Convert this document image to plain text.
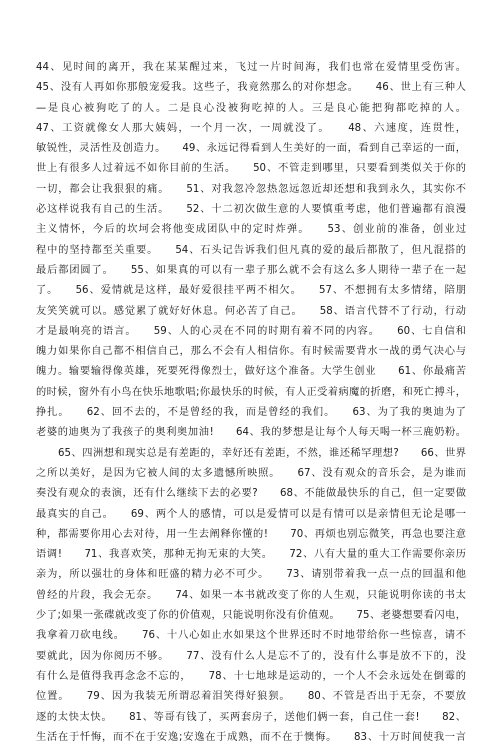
44、见时间的离开，我在某某醒过来，飞过一片时间海，我们也常在爱情里受伤害。
45、没有人再如你那般宠爱我。这些子，我竟然那么的对你想念。　　46、世上有三种人
—是良心被狗吃了的人。二是良心没被狗吃掉的人。三是良心能把狗都吃掉的人。
47、工资就像女人那大姨妈，一个月一次，一周就没了。　　48、六速度，连贯性，
敏锐性，灵活性及创造力。　　49、永远记得看到人生美好的一面，看到自己幸运的一面，
世上有很多人过着远不如你目前的生活。　　50、不管走到哪里，只要看到类似关于你的
一切，都会让我狠狠的痛。　　51、对我忽冷忽热忽远忽近却还想和我到永久，其实你不
必这样说我有自己的生活。　　52、十二初次做生意的人要慎重考虑，他们普遍都有浪漫
主义情怀，今后的坎坷会将他变成团队中的定时炸弹。　　53、创业前的准备，创业过
程中的坚持都至关重要。　　54、石头记告诉我们但凡真的爱的最后都散了，但凡混搭的
最后都团圆了。　　55、如果真的可以有一辈子那么就不会有这么多人期待一辈子在一起
了。　　56、爱情就是这样，最好爱很挂平两不相欠。　　57、不想拥有太多情绪，陪朋
友笑笑就可以。感觉累了就好好休息。何必苦了自己。　　58、语言代替不了行动，行动
才是最响亮的语言。　　59、人的心灵在不同的时期有着不同的内容。　　60、七自信和
魄力如果你自己都不相信自己，那么不会有人相信你。有时候需要背水一战的勇气决心与
魄力。输要输得像英雄，死要死得像烈士，做好这个准备。大学生创业　　61、你最痛苦
的时候，窗外有小鸟在快乐地歌唱;你最快乐的时候，有人正受着病魔的折磨，和死亡搏斗，
挣扎。　　62、回不去的，不是曾经的我，而是曾经的我们。　　63、为了我的奥迪为了
老婆的迪奥为了我孩子的奥利奥加油!　　64、我的梦想是让每个人每天喝一杯三鹿奶粉。
65、四洲想和现实总是有差距的，幸好还有差距，不然，谁还稀罕理想?　　66、世界
之所以美好，是因为它被人间的太多遗憾所映照。　　67、没有观众的音乐会，是为谁而
奏没有观众的表演，还有什么继续下去的必要?　　68、不能做最快乐的自己，但一定要做
最真实的自己。　　69、两个人的感情，可以是爱情可以是有情可以是亲情但无论是哪一
种，都需要你用心去对待，用一生去阐释你懂的!　　70、再烦也别忘微笑，再急也要注意
语调!　　71、我喜欢笑，那种无拘无束的大笑。　　72、八有大量的重大工作需要你亲历
亲为，所以强壮的身体和旺盛的精力必不可少。　　73、请别带着我一点一点的回温和他
曾经的片段，我会无奈。　　74、如果一本书就改变了你的人生观，只能说明你读的书太
少了;如果一张碟就改变了你的价值观，只能说明你没有价值观。　　75、老婆想要看闪电，
我拿着刀砍电线。　　76、十八心如止水如果这个世界还时不时地带给你一些惊喜，请不
要就此，因为你阅历不够。　　77、没有什么人是忘不了的，没有什么事是放不下的，没
有什么是值得我再念念不忘的，　　78、十七地球是运动的，一个人不会永远处在倒霉的
位置。　　79、因为我装无所谓忍着泪笑得好狼狈。　　80、不管是否出于无奈，不要放
逐的太快太快。　　81、等哥有钱了，买两套房子，送他们俩一套，自己住一套!　　82、
生活在于忏悔，而不在于安逸;安逸在于成熟，而不在于懊悔。　　83、十万时间使我一言
